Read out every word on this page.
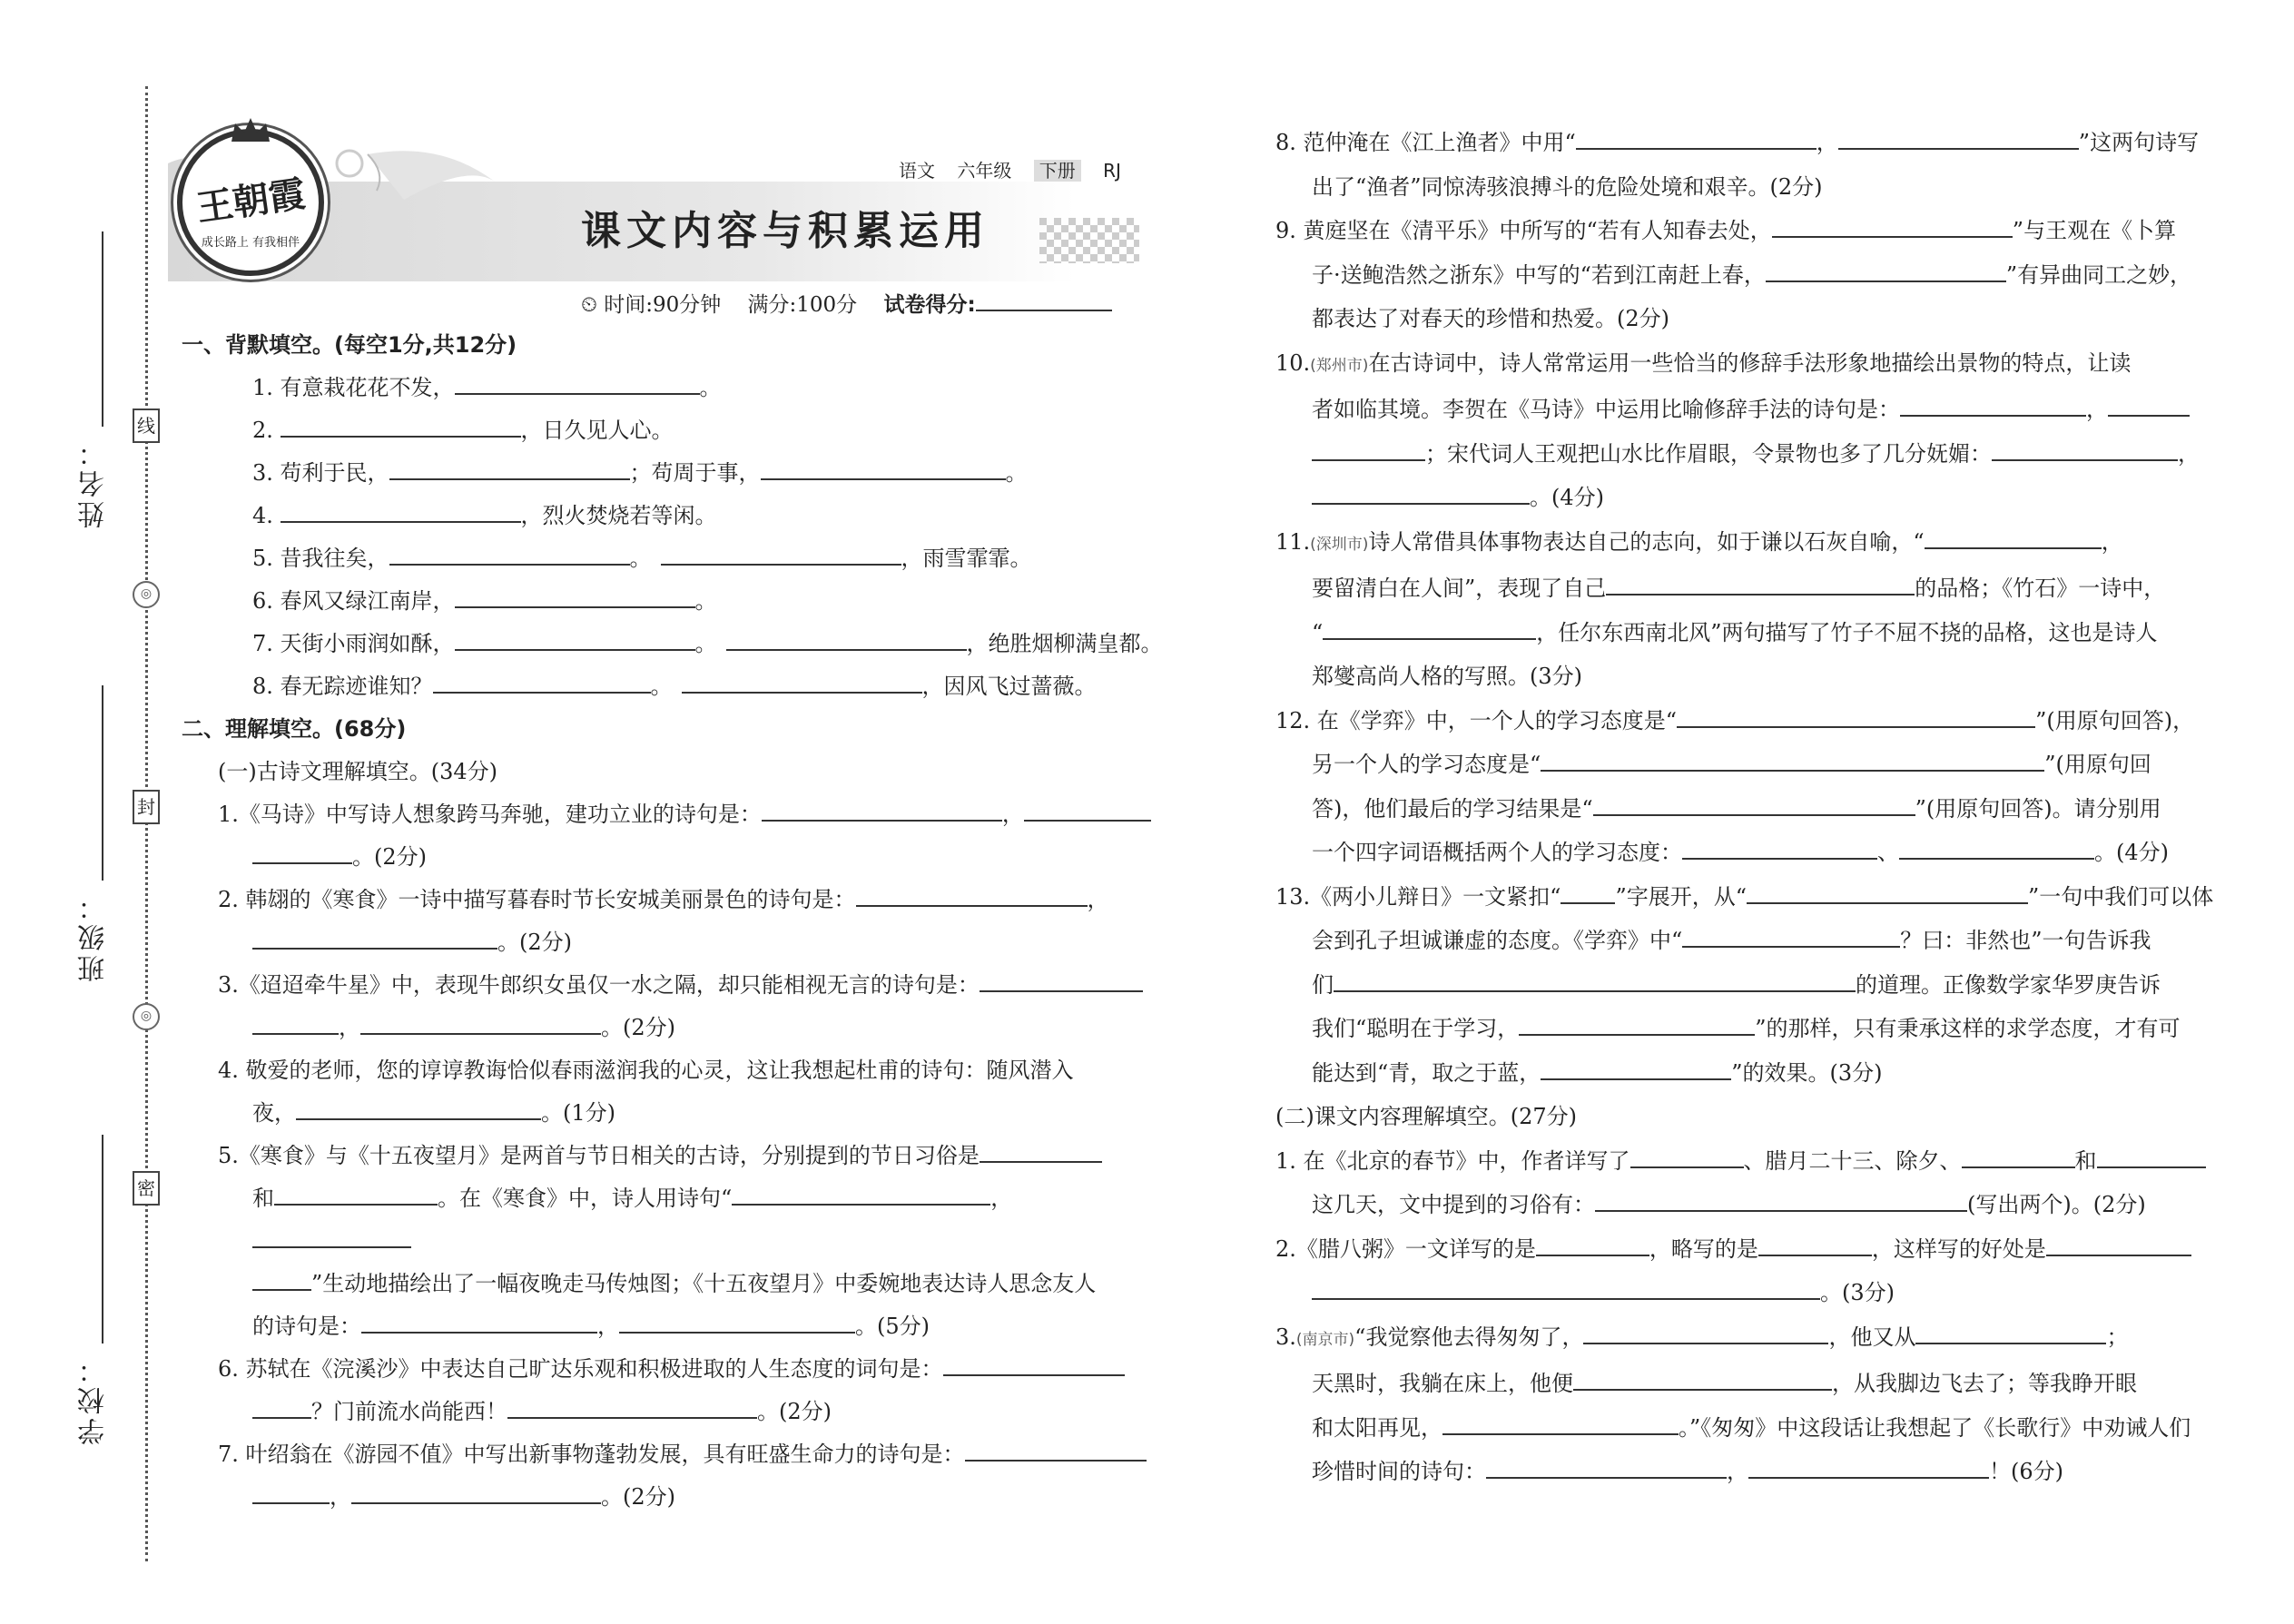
姓名：
班级：
学校：
线
◎
封
◎
密
王朝霞
成长路上 有我相伴
语文 六年级 下册 RJ
课文内容与积累运用
⏲ 时间:90分钟 满分:100分 试卷得分:
一、背默填空。(每空1分,共12分)
1. 有意栽花花不发，	。
2.	，日久见人心。
3. 苟利于民，	；苟周于事，	。
4.	，烈火焚烧若等闲。
5. 昔我往矣，	。	，雨雪霏霏。
6. 春风又绿江南岸，	。
7. 天街小雨润如酥，	。	，绝胜烟柳满皇都。
8. 春无踪迹谁知？	。	，因风飞过蔷薇。
二、理解填空。(68分)
(一)古诗文理解填空。(34分)
1.《马诗》中写诗人想象跨马奔驰，建功立业的诗句是：	，
。(2分)
2. 韩翃的《寒食》一诗中描写暮春时节长安城美丽景色的诗句是：	，
。(2分)
3.《迢迢牵牛星》中，表现牛郎织女虽仅一水之隔，却只能相视无言的诗句是：
，	。(2分)
4. 敬爱的老师，您的谆谆教诲恰似春雨滋润我的心灵，这让我想起杜甫的诗句：随风潜入
夜，	。(1分)
5.《寒食》与《十五夜望月》是两首与节日相关的古诗，分别提到的节日习俗是
和	。在《寒食》中，诗人用诗句“	，
”生动地描绘出了一幅夜晚走马传烛图；《十五夜望月》中委婉地表达诗人思念友人
的诗句是：	，	。(5分)
6. 苏轼在《浣溪沙》中表达自己旷达乐观和积极进取的人生态度的词句是：
？门前流水尚能西！	。(2分)
7. 叶绍翁在《游园不值》中写出新事物蓬勃发展，具有旺盛生命力的诗句是：
，	。(2分)
8. 范仲淹在《江上渔者》中用“	，	”这两句诗写
出了“渔者”同惊涛骇浪搏斗的危险处境和艰辛。(2分)
9. 黄庭坚在《清平乐》中所写的“若有人知春去处，	”与王观在《卜算
子·送鲍浩然之浙东》中写的“若到江南赶上春，	”有异曲同工之妙，
都表达了对春天的珍惜和热爱。(2分)
10.(郑州市)在古诗词中，诗人常常运用一些恰当的修辞手法形象地描绘出景物的特点，让读
者如临其境。李贺在《马诗》中运用比喻修辞手法的诗句是：	，
；宋代词人王观把山水比作眉眼，令景物也多了几分妩媚：	，
。(4分)
11.(深圳市)诗人常借具体事物表达自己的志向，如于谦以石灰自喻，“	，
要留清白在人间”，表现了自己	的品格；《竹石》一诗中，
“	，任尔东西南北风”两句描写了竹子不屈不挠的品格，这也是诗人
郑燮高尚人格的写照。(3分)
12. 在《学弈》中，一个人的学习态度是“	”(用原句回答)，
另一个人的学习态度是“	”(用原句回
答)，他们最后的学习结果是“	”(用原句回答)。请分别用
一个四字词语概括两个人的学习态度：	、	。(4分)
13.《两小儿辩日》一文紧扣“	”字展开，从“	”一句中我们可以体
会到孔子坦诚谦虚的态度。《学弈》中“	？曰：非然也”一句告诉我
们	的道理。正像数学家华罗庚告诉
我们“聪明在于学习，	”的那样，只有秉承这样的求学态度，才有可
能达到“青，取之于蓝，	”的效果。(3分)
(二)课文内容理解填空。(27分)
1. 在《北京的春节》中，作者详写了	、腊月二十三、除夕、	和
这几天，文中提到的习俗有：	(写出两个)。(2分)
2.《腊八粥》一文详写的是	，略写的是	，这样写的好处是
。(3分)
3.(南京市)“我觉察他去得匆匆了，	，他又从	；
天黑时，我躺在床上，他便	，从我脚边飞去了；等我睁开眼
和太阳再见，	。”《匆匆》中这段话让我想起了《长歌行》中劝诫人们
珍惜时间的诗句：	，	！(6分)
